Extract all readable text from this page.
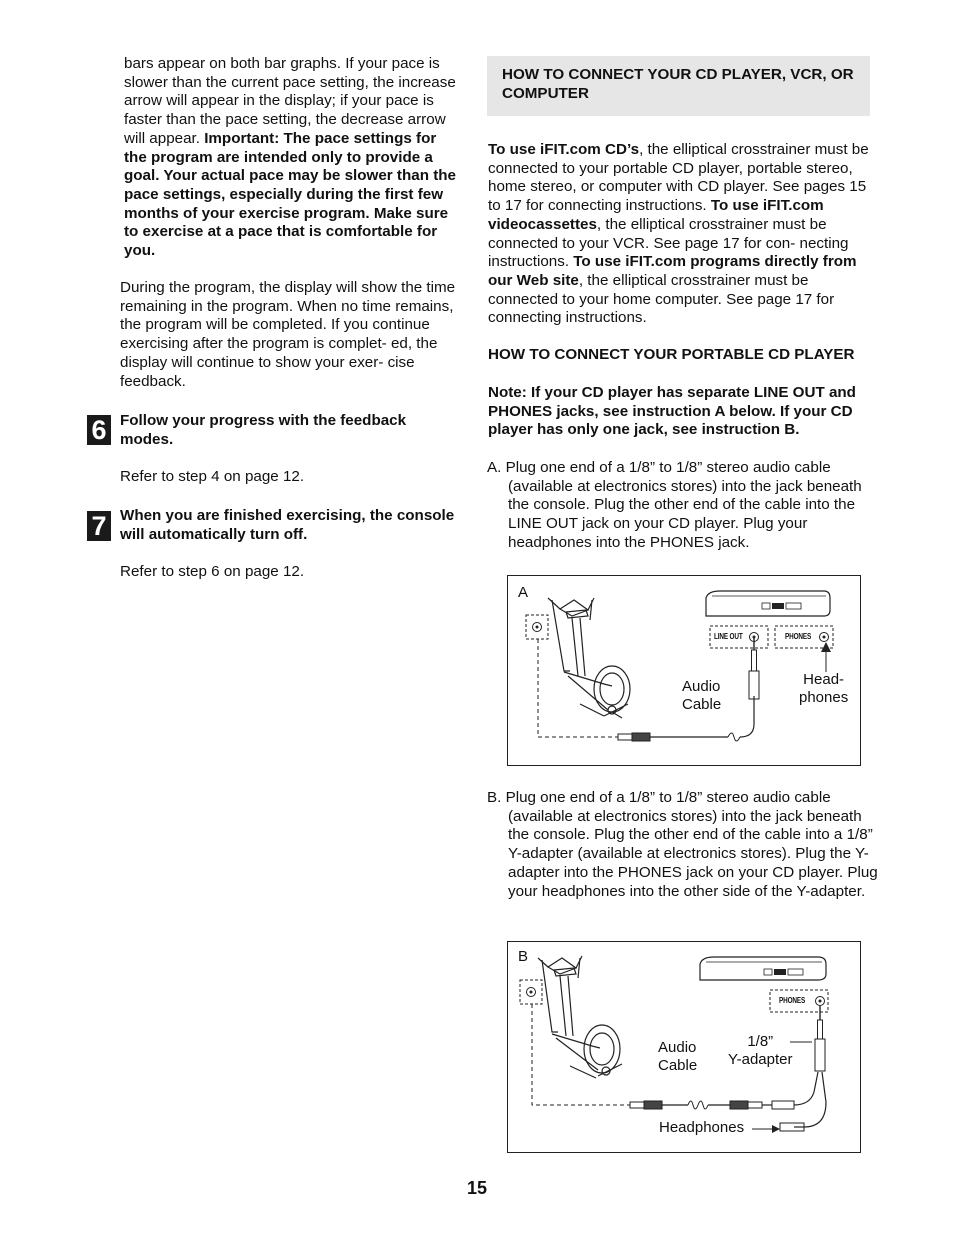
bars appear on both bar graphs. If your pace is slower than the current pace setting, the increase arrow will appear in the display; if your pace is faster than the pace setting, the decrease arrow will appear. Important: The pace settings for the program are intended only to provide a goal. Your actual pace may be slower than the pace settings, especially during the first few months of your exercise program. Make sure to exercise at a pace that is comfortable for you.

During the program, the display will show the time remaining in the program. When no time remains, the program will be completed. If you continue exercising after the program is complet- ed, the display will continue to show your exer- cise feedback.

6 Follow your progress with the feedback modes.

Refer to step 4 on page 12.

7 When you are finished exercising, the console will automatically turn off.

Refer to step 6 on page 12.

HOW TO CONNECT YOUR CD PLAYER, VCR, OR COMPUTER

To use iFIT.com CD’s, the elliptical crosstrainer must be connected to your portable CD player, portable stereo, home stereo, or computer with CD player. See pages 15 to 17 for connecting instructions. To use iFIT.com videocassettes, the elliptical crosstrainer must be connected to your VCR. See page 17 for con- necting instructions. To use iFIT.com programs directly from our Web site, the elliptical crosstrainer must be connected to your home computer. See page 17 for connecting instructions.

HOW TO CONNECT YOUR PORTABLE CD PLAYER

Note: If your CD player has separate LINE OUT and PHONES jacks, see instruction A below. If your CD player has only one jack, see instruction B.

A. Plug one end of a 1/8” to 1/8” stereo audio cable (available at electronics stores) into the jack beneath the console. Plug the other end of the cable into the LINE OUT jack on your CD player. Plug your headphones into the PHONES jack.

A
LINE OUT	PHONES
Audio
Cable
Head-
phones

B. Plug one end of a 1/8” to 1/8” stereo audio cable (available at electronics stores) into the jack beneath the console. Plug the other end of the cable into a 1/8” Y-adapter (available at electronics stores). Plug the Y-adapter into the PHONES jack on your CD player. Plug your headphones into the other side of the Y-adapter.

B
PHONES
Audio
Cable
1/8”
Y-adapter
Headphones
15
